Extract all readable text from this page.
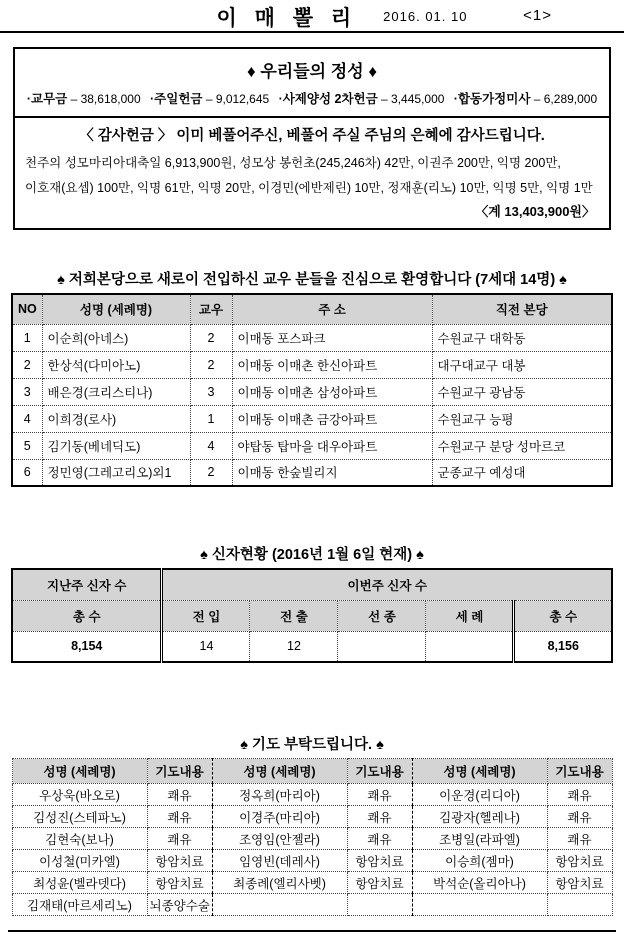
이 매 뽈 리 2016. 01. 10	<1>
♦ 우리들의 정성 ♦
·교무금 – 38,618,000 ·주일헌금 – 9,012,645 ·사제양성 2차헌금 – 3,445,000 ·합동가정미사 – 6,289,000
〈 감사헌금 〉 이미 베풀어주신, 베풀어 주실 주님의 은혜에 감사드립니다.
천주의 성모마리아대축일 6,913,900원, 성모상 봉헌초(245,246차) 42만, 이권주 200만, 익명 200만,
이호재(요셉) 100만, 익명 61만, 익명 20만, 이경민(에반제린) 10만, 정재훈(리노) 10만, 익명 5만, 익명 1만
〈계 13,403,900원〉
♠ 저희본당으로 새로이 전입하신 교우 분들을 진심으로 환영합니다 (7세대 14명) ♠
NO	성명 (세례명)	교우	주 소	직전 본당
1	이순희(아네스)	2	이매동 포스파크	수원교구 대학동
2	한상석(다미아노)	2	이매동 이매촌 한신아파트	대구대교구 대봉
3	배은경(크리스티나)	3	이매동 이매촌 삼성아파트	수원교구 광남동
4	이희경(로사)	1	이매동 이매촌 금강아파트	수원교구 능평
5	김기동(베네딕도)	4	야탑동 탑마을 대우아파트	수원교구 분당 성마르코
6	정민영(그레고리오)외1	2	이매동 한숲빌리지	군종교구 예성대
♠ 신자현황 (2016년 1월 6일 현재) ♠
지난주 신자 수	이번주 신자 수				
총 수	전 입	전 출	선 종	세 례	총 수
8,154	14	12			8,156
♠ 기도 부탁드립니다. ♠
성명 (세례명)	기도내용	성명 (세례명)	기도내용	성명 (세례명)	기도내용
우상욱(바오로)	쾌유	정옥희(마리아)	쾌유	이운경(리디아)	쾌유
김성진(스테파노)	쾌유	이경주(마리아)	쾌유	김광자(헬레나)	쾌유
김현숙(보나)	쾌유	조영임(안젤라)	쾌유	조병일(라파엘)	쾌유
이성철(미카엘)	항암치료	임영빈(데레사)	항암치료	이승희(젬마)	항암치료
최성윤(벨라뎃다)	항암치료	최종례(엘리사벳)	항암치료	박석순(올리아나)	항암치료
김재태(마르세리노)	뇌종양수술				
